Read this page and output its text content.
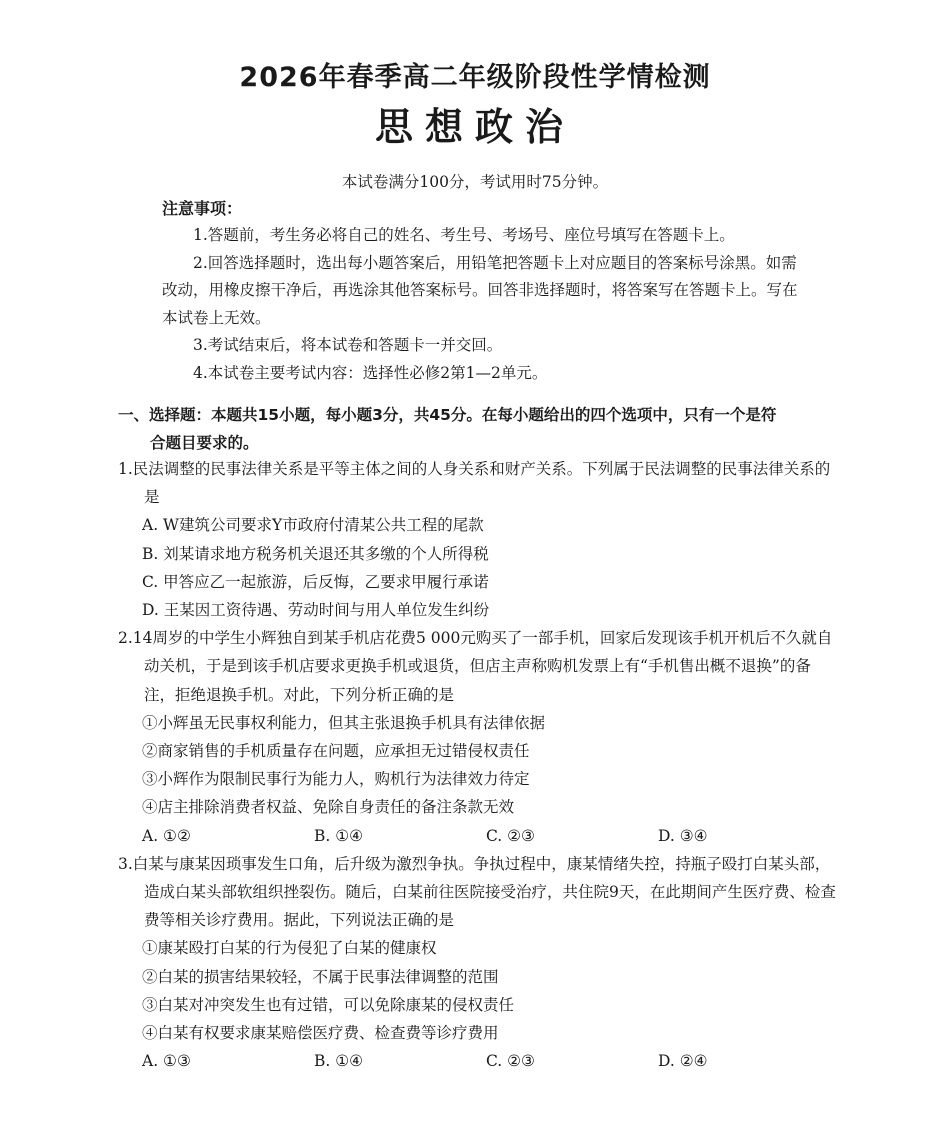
2026年春季高二年级阶段性学情检测
思想政治
本试卷满分100分，考试用时75分钟。
注意事项：

1.答题前，考生务必将自己的姓名、考生号、考场号、座位号填写在答题卡上。

2.回答选择题时，选出每小题答案后，用铅笔把答题卡上对应题目的答案标号涂黑。如需改动，用橡皮擦干净后，再选涂其他答案标号。回答非选择题时，将答案写在答题卡上。写在本试卷上无效。

3.考试结束后，将本试卷和答题卡一并交回。

4.本试卷主要考试内容：选择性必修2第1—2单元。

一、选择题：本题共15小题，每小题3分，共45分。在每小题给出的四个选项中，只有一个是符
合题目要求的。

1.民法调整的民事法律关系是平等主体之间的人身关系和财产关系。下列属于民法调整的民事法律关系的是

A. W建筑公司要求Y市政府付清某公共工程的尾款

B. 刘某请求地方税务机关退还其多缴的个人所得税

C. 甲答应乙一起旅游，后反悔，乙要求甲履行承诺

D. 王某因工资待遇、劳动时间与用人单位发生纠纷

2.14周岁的中学生小辉独自到某手机店花费5 000元购买了一部手机，回家后发现该手机开机后不久就自动关机，于是到该手机店要求更换手机或退货，但店主声称购机发票上有“手机售出概不退换”的备注，拒绝退换手机。对此，下列分析正确的是

①小辉虽无民事权利能力，但其主张退换手机具有法律依据

②商家销售的手机质量存在问题，应承担无过错侵权责任

③小辉作为限制民事行为能力人，购机行为法律效力待定

④店主排除消费者权益、免除自身责任的备注条款无效

A. ①②	B. ①④	C. ②③	D. ③④

3.白某与康某因琐事发生口角，后升级为激烈争执。争执过程中，康某情绪失控，持瓶子殴打白某头部，造成白某头部软组织挫裂伤。随后，白某前往医院接受治疗，共住院9天，在此期间产生医疗费、检查费等相关诊疗费用。据此，下列说法正确的是

①康某殴打白某的行为侵犯了白某的健康权

②白某的损害结果较轻，不属于民事法律调整的范围

③白某对冲突发生也有过错，可以免除康某的侵权责任

④白某有权要求康某赔偿医疗费、检查费等诊疗费用

A. ①③	B. ①④	C. ②③	D. ②④
